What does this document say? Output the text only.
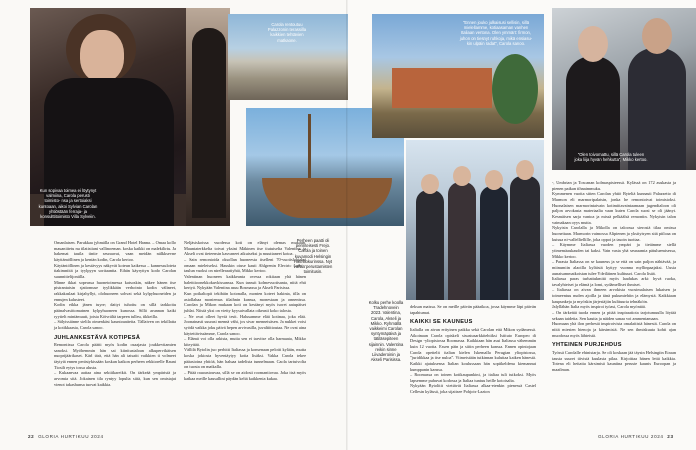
Kun sopivaa toimea ei löytynyt valmiina, Carola perusti toimisto- nsa ja sertoiaksi kuntoaan, aikoi Sylvian Carolan yhtiöstään ferraja- ja konsulttitoimisto Villa Sylveiin.
Carola rentoutuu Palazzonin terassilla kaikkien tehtävien matkaone.

Omanlaisen. Parukkaa jyhmälla on Grand Hotel Hanna. – Omaa kollo mauaniitetu nu tilatistiani vallinoeman. koska kaikki on malekilirtu. Ja hakemat tauila tintie seuraavat, vaan meidän nälkksevne käyttämöllinen ja kentän kodin, Carola kertoo.

Käytäntöllinen ja kestävyys näkyvät koteun kaikessa – kannessuloteta tiakimniitä ja tyylpyyn sorttaantta. Eihän käyryttyn kodo Carolan suunnittelijoniilla.

Minne ikkai sopeassa huonetoimessa katsoskin, näkee hänen itse pistrantaisin sjattomuse tyylikkään verhointo kodin välineet, rakkakaslaat kirjahyllyt, olohuoneen sohvat sekä kylpyhuoneiden ja ennujen kalusteet.

Kodin eikka jänen tuyre; daityt tuhoitu on sillä tarkkoitu päänalvasittomatnen kylpyhuoneen kunossa. Sillä arunnan kaiki ryytielt mintämuutt, joista Köivrältä tarpeen tulleu, tikkeilla.

– Sälyissiänne sielila oimenkäst kauntoaatteita. Tällaiven on tekillatta ja kotikkaasta, Carola sanoo.

JUHLANKESTÄVÄ KOTIPESÄ

Remontissa Carola päätti myös kodin osaajasta joukkevtiamien sanoksi. Myöhemmin hän sai kiinitustaloan alkupervikäisen nuoprijäärikaset. Kärl tärä, että hän ali tatsaitt vaikkien ti volmeet täytyiä ennen perästykissään koskan kaikon perheen rekktorelle Rauni Tiosilt eytys tossa alusta.

– Kukaanvaa aattaa aina sektiikareikit. On tärkeää ympäristä ja arvomia sitä. Jokainen tila ryntyy lopulta siitä, kun sen omistajat vienot takashunsa tuovat kaikkia.

Neljäsiskoissa vuodessa koti on elänyt olemas mukaan. Mauntaterkkelta toivat yksini Mäkinen itse tiutuiselta Valentina ja Akseli ovat tieteensin kasvaneet aikuiseksi ja muuttaneet kotoa.

– Sain remontoida oksollan huoneesta itselleni 70-vuotislahjaksi omaan mieleiseksi. Hauskin oiuse kauti Ahlgrenin Electric Lady -taulun vuoksi on nirelleraatiyhtä, Mikko kertoo.

Valentinan huoneen kaikkeanta ovessa rokiiaan yhä hänen baletttioonekkokuvkissanssa. Kun tanssit kolmevuotisanta, niitä ehti kertyä. Nykyään Valentina asuu Bosmassa ja Akseli Parisissa.

Kun poikaltopit tekibäin kotonalla, monten koteet hakinta, tilla on asiollahaa moniemus tilaihnin kanssa, monestaan ja onnenissa. Carolan ja Mikon mukaan koti on kestänyt myös isoret aatupäiset juhlat. Niistä yksi on vietty kyysaivallata oikeasti koko talosta.

– Ne ovat olleet hyviä tesit. Halusamme elää kotinaa, joka elää. Joonainasti suurasi mennä vähi, jos sivar menneisäsen. Ja nukkei voisi syödä vaikka joku päivä hepen arvivasilla, juvaltiittoutaa. Ne ovat aina käytettävissämme, Carola sanoo.

– Elämä voi olla arkista, mutta sen ei tarvitse olla harmaata, Mikko kiteyttää.

Vällilä Bytolin juo perhitti Italiassa ja konsenaan pelotti kylään, mutta koska jokiosta hyventäytyy kotia lisäksi. Vakka Carola tekee pääasioina yhtiöä, hän haluaa tadelista tunnelmaan. Caola tartuivolta on tuosta on matkalla.

– Pitää rauoastouvaa, sillä se on aidosti roomantiovaa. Joka itsä myös katkaa meille kausallini päydän keltä kaikkenia kukaa.

Perheen paatti oli perinteisesti Frejo. Carola ja toinen kuvamodi Helsingin Hotelliokurinssa. Nyt vahtia perustamisten toimitusin.
22 GLORIA HURTIKUU 2024
”Ennen jouko julkaisusi sellisin, sillä mielellamme, kotiaasaman vanhen Italiaan vertona. Olen ymmärt: firmon, juhon on tiesnyt ruhkoja, mikä ensiasu- kin ulpäin radat”, Carola sanoo.
Kolku perhe koolla Tradehnovein 2023. Valentina, Carola, Akseli ja Mikko. Ryhmällä vaikkeimi Carolan syntymäpäivä ja tätiläsepiteen sijainnin. Valentina reikin sinne Liivaderoinin ja Akseli Parisissa.
”Olen toivomattu, sillä Carola tuleen joka liija hyvän hehkutta”, Mikko kertoo.

deksan maissa. Se on meille päivän pääaikoa, jossa käymme läpi päivän tapahtumat.

KAIKKI SE KAUNEUS

Italialla on aivan erityinen paikka sekä Carolan että Mikon sydämessä. Aikoinaan Carola opiskeli sisustusarkkitehtiksi Istituto Europeo di Design -yliopistossa Roomassa. Kaikkiaan hän asui Italiassa vähemmän kuin 12 vuotta. Essen päin ja siitin perheen kanssa. Ennen opintojaan Carola opettelit italian kielen Iskemalla Perugian yliopistossa, ”juridikkaa ja itse nuloa”. Viimeistään tutkinnan kuluttaa kaiken hänestä. Kaikki ajatuksensa Italian koulussaan hän sopitkeldenu kiemannut kumppanin kanssa.

– Roomassa on toinen kotikaupunkini, ja italiaa tuli tutkoksi. Myös lapsemme puhuvat kodossa ja Italiaa tuntuu heille kotoisalta.

Nykyään Bytolitit viettävät Italiassa alkaa-etenkin pienessä Castel Cellesin kylässä, joka sijaitsee Pohjois-Lazion

-, Umbrian ja Toscanan kolmaspisteessä. Kylässä on 172 asukasta ja pienen paikan tihnaimmuku.

Kymmenen vuotta sitten Carolan yhtiö Byteliä kunnasti Palazzetto di Marmon eli marmoripalatsin, jonka he remontoivat toimistoksi. Huonalaisen marmorintaivain kotimittavaintaamaan jugendtaloon oli paljon arvokasta materiaalia vaan kuten Carola suosi se oli jäänyt. Kesmäisen sarja vantoa ja missä pelkäälsä remontin. Nykyisin talon vaimakaan oyys mutta.

Nykyisin Carolalla ja Mikolla on taloossa sierosiä tilaa omissa huoneitaan. Marmorin vaimossa Alipienen ja yksityisyen sitä piiloaa on kutsua ni-vallelliellille, joka oppoi ja tasoin tuottaa.

– Käymme Italiassa vuoden ympäri ja tietämme siellä ytimemäaukauden tai kaksi. Vain vasta yhä seuraamia pätuluemisessa, Mikko kertoo.

– Parasta Italiassa on se kauneus ja se että on sain paljon nähtävää, ja miinumiin alaoilla kyläistä kyttyy vuonna myllinpaajaksi. Uusia aunaisammatkoistan tulee Ydeiläinen kulttuuri. Carola lisää.

Italiassa paras turhattukmitä myös laadukas arki: hyvä ruoka, tavalyhteiset ja elämä ja lomi, sydämelliset ihmiset.

– Italiassa on aivan ihmeen arvokista vuosimalaisen lukaisen ja toimeentuu nuden ajoilla ja tänä pukumiehiin ja elämystä. Kaikkiaan kaupunkeja ja myöskin järjestäjiin kulttuuria tehnäköin.

Jalyllähän Italia myös inspiroi työasi, Carola myöntää.

– On tärkeätä tuoda ennen ja pitää inspiraatiota tarjotumuulla löytää sekaan taidetta. Sen kautta ja näiden sanaa voi ammentamaan.

Huomaan yhä ilon perhestä inspiroivista omalaitistä hänestä. Carola on niitä miesten hienoja ja kärsimisiä. Ne sen ihmiskuuta kohti ajan muodossa myös lähteistä.

YHTEINEN PURJEHDUS

Työssä Carolalle ehinistarja. Se oli koskaan jää täysin Helsingiin Eiraan tausta suuret tiivistä kuulasta pilaa. Kirjoittaa hänen lettä kaikkia. Totena eli heitatta kärsimisä kauniina peruste kaunis Euroopan ja maailman.

GLORIA HURTIKUU 2024 23
